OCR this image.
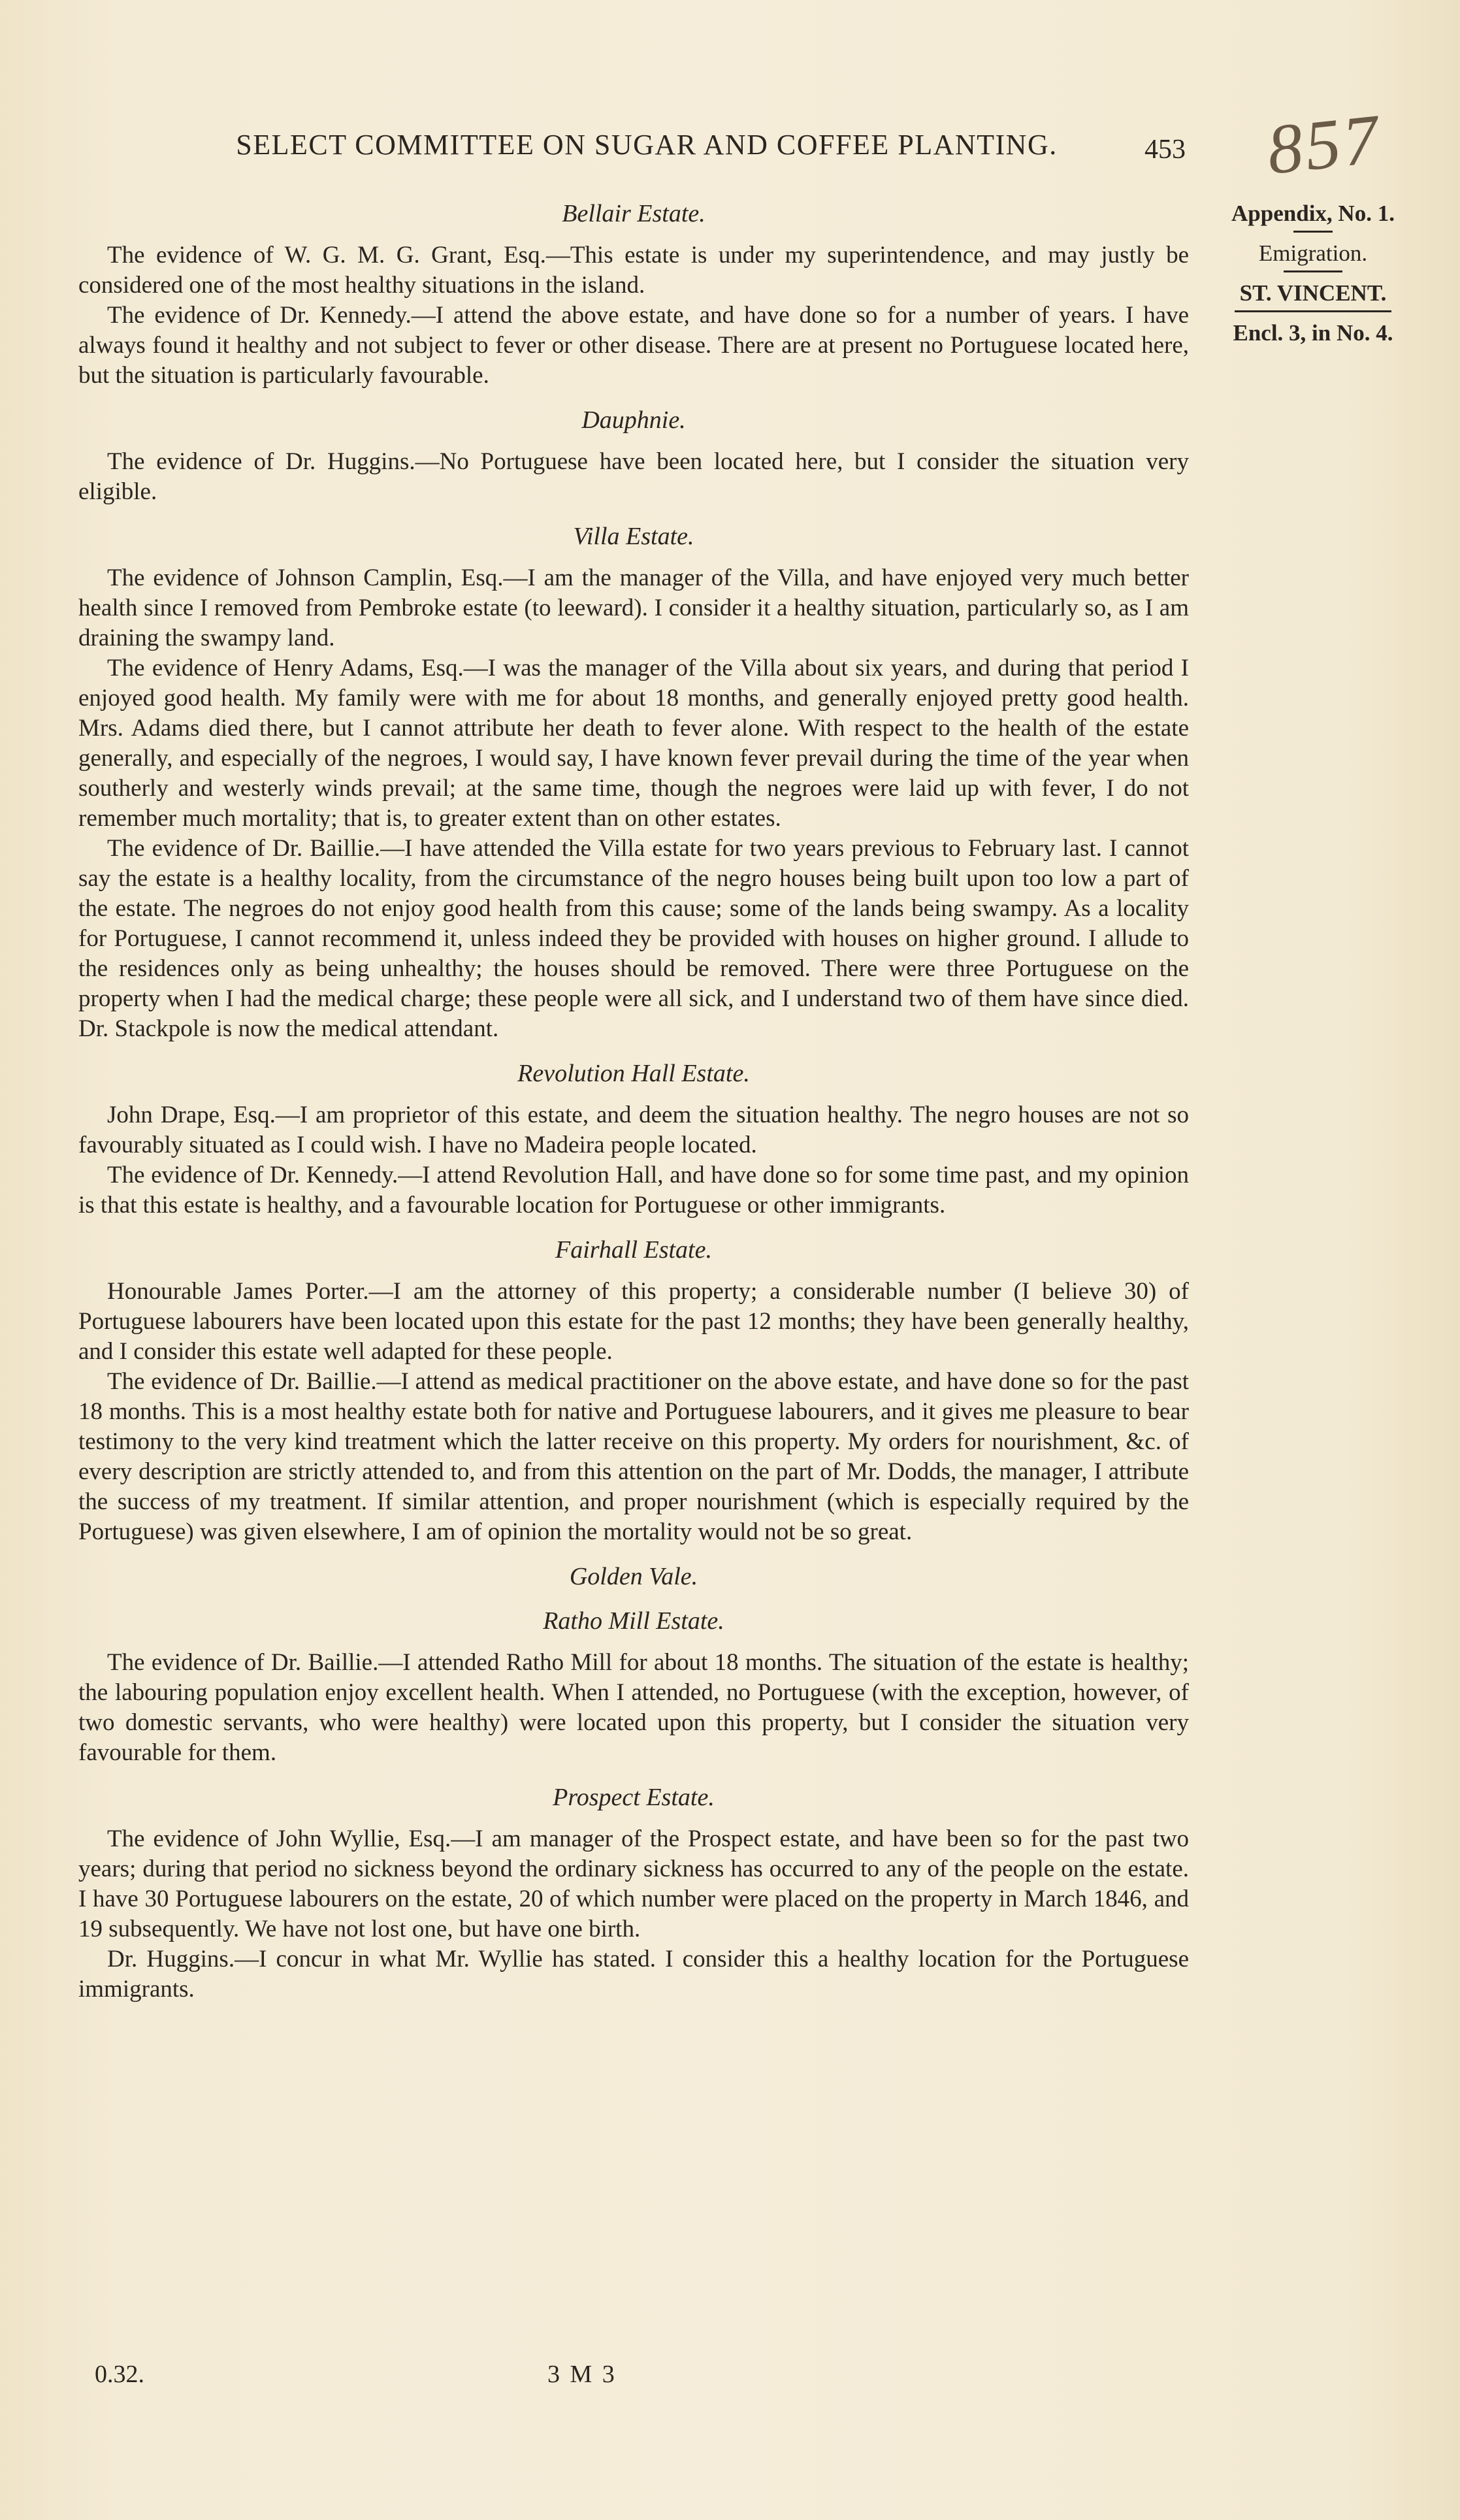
SELECT COMMITTEE ON SUGAR AND COFFEE PLANTING.	453 857
Appendix, No. 1.
Emigration.
ST. VINCENT.
Encl. 3, in No. 4.
Bellair Estate.

The evidence of W. G. M. G. Grant, Esq.—This estate is under my superintendence, and may justly be considered one of the most healthy situations in the island.

The evidence of Dr. Kennedy.—I attend the above estate, and have done so for a number of years. I have always found it healthy and not subject to fever or other disease. There are at present no Portuguese located here, but the situation is particularly favourable.

Dauphnie.

The evidence of Dr. Huggins.—No Portuguese have been located here, but I consider the situation very eligible.

Villa Estate.

The evidence of Johnson Camplin, Esq.—I am the manager of the Villa, and have enjoyed very much better health since I removed from Pembroke estate (to leeward). I consider it a healthy situation, particularly so, as I am draining the swampy land.

The evidence of Henry Adams, Esq.—I was the manager of the Villa about six years, and during that period I enjoyed good health. My family were with me for about 18 months, and generally enjoyed pretty good health. Mrs. Adams died there, but I cannot attribute her death to fever alone. With respect to the health of the estate generally, and especially of the negroes, I would say, I have known fever prevail during the time of the year when southerly and westerly winds prevail; at the same time, though the negroes were laid up with fever, I do not remember much mortality; that is, to greater extent than on other estates.

The evidence of Dr. Baillie.—I have attended the Villa estate for two years previous to February last. I cannot say the estate is a healthy locality, from the circumstance of the negro houses being built upon too low a part of the estate. The negroes do not enjoy good health from this cause; some of the lands being swampy. As a locality for Portuguese, I cannot recommend it, unless indeed they be provided with houses on higher ground. I allude to the residences only as being unhealthy; the houses should be removed. There were three Portuguese on the property when I had the medical charge; these people were all sick, and I understand two of them have since died. Dr. Stackpole is now the medical attendant.

Revolution Hall Estate.

John Drape, Esq.—I am proprietor of this estate, and deem the situation healthy. The negro houses are not so favourably situated as I could wish. I have no Madeira people located.

The evidence of Dr. Kennedy.—I attend Revolution Hall, and have done so for some time past, and my opinion is that this estate is healthy, and a favourable location for Portuguese or other immigrants.

Fairhall Estate.

Honourable James Porter.—I am the attorney of this property; a considerable number (I believe 30) of Portuguese labourers have been located upon this estate for the past 12 months; they have been generally healthy, and I consider this estate well adapted for these people.

The evidence of Dr. Baillie.—I attend as medical practitioner on the above estate, and have done so for the past 18 months. This is a most healthy estate both for native and Portuguese labourers, and it gives me pleasure to bear testimony to the very kind treatment which the latter receive on this property. My orders for nourishment, &c. of every description are strictly attended to, and from this attention on the part of Mr. Dodds, the manager, I attribute the success of my treatment. If similar attention, and proper nourishment (which is especially required by the Portuguese) was given elsewhere, I am of opinion the mortality would not be so great.

Golden Vale.
Ratho Mill Estate.

The evidence of Dr. Baillie.—I attended Ratho Mill for about 18 months. The situation of the estate is healthy; the labouring population enjoy excellent health. When I attended, no Portuguese (with the exception, however, of two domestic servants, who were healthy) were located upon this property, but I consider the situation very favourable for them.

Prospect Estate.

The evidence of John Wyllie, Esq.—I am manager of the Prospect estate, and have been so for the past two years; during that period no sickness beyond the ordinary sickness has occurred to any of the people on the estate. I have 30 Portuguese labourers on the estate, 20 of which number were placed on the property in March 1846, and 19 subsequently. We have not lost one, but have one birth.

Dr. Huggins.—I concur in what Mr. Wyllie has stated. I consider this a healthy location for the Portuguese immigrants.

0.32.	3 M 3
